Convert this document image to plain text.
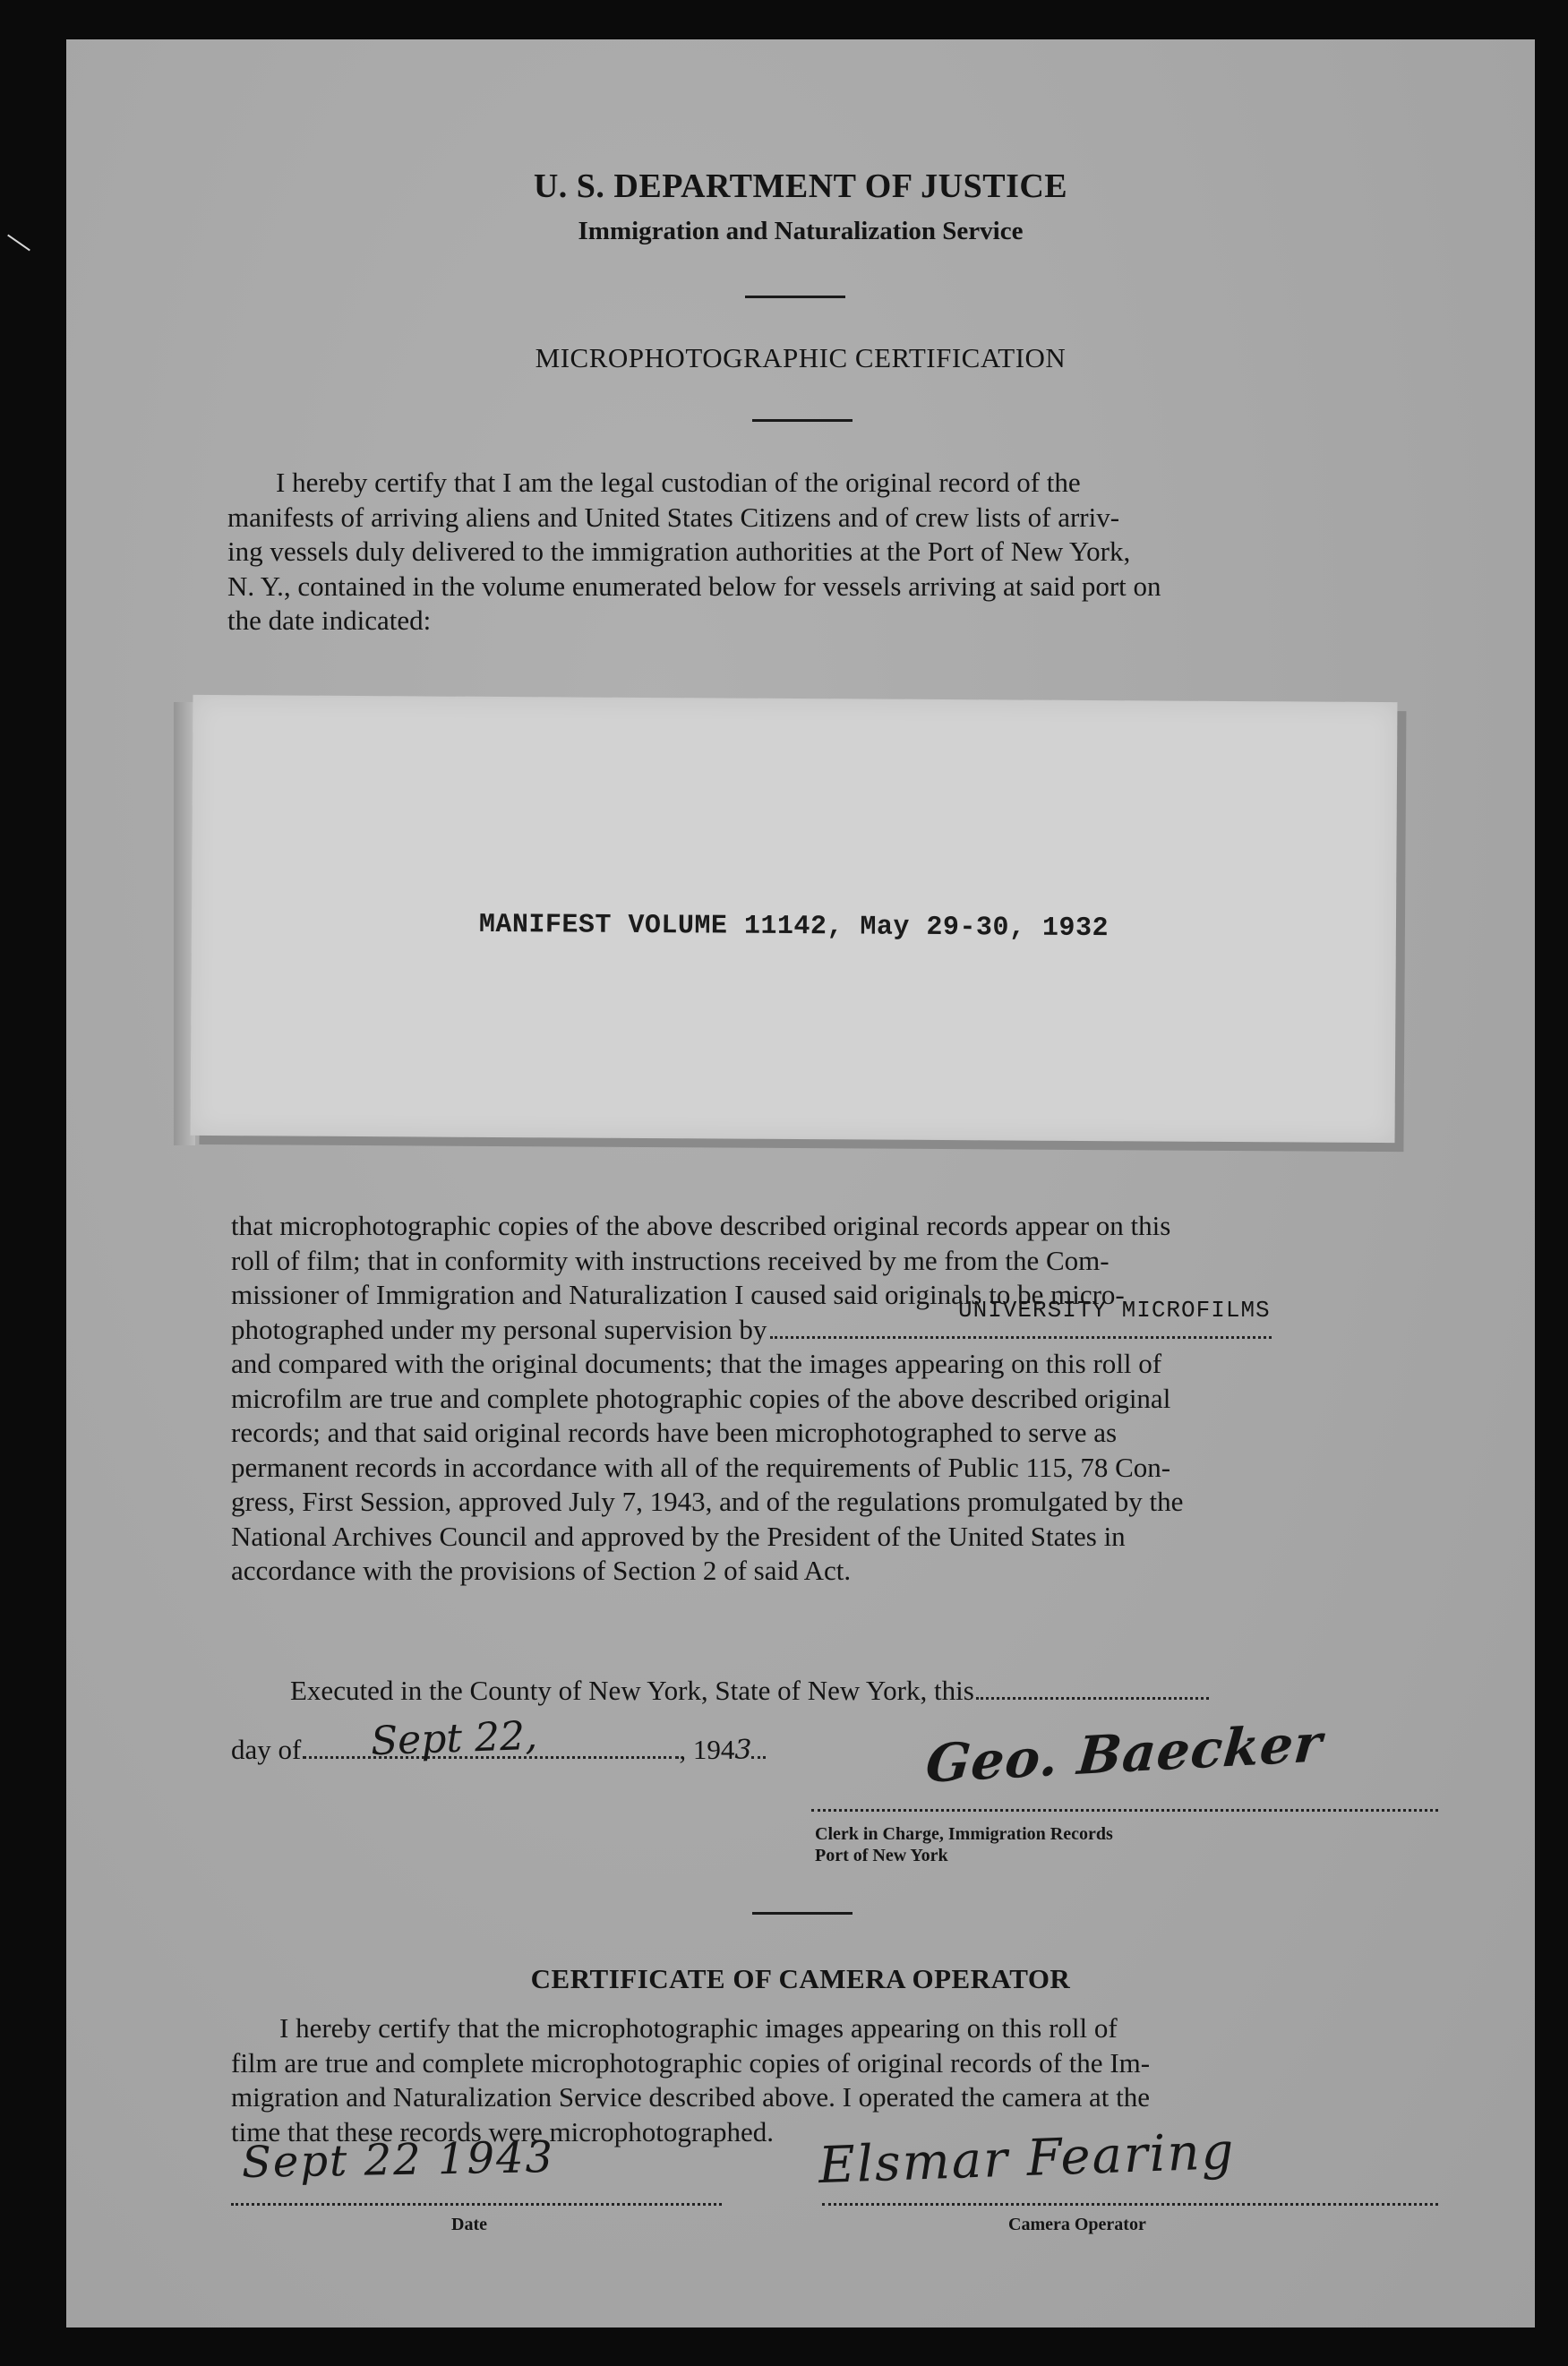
U. S. DEPARTMENT OF JUSTICE
Immigration and Naturalization Service
MICROPHOTOGRAPHIC CERTIFICATION
I hereby certify that I am the legal custodian of the original record of the
manifests of arriving aliens and United States Citizens and of crew lists of arriv-
ing vessels duly delivered to the immigration authorities at the Port of New York,
N. Y., contained in the volume enumerated below for vessels arriving at said port on
the date indicated:
MANIFEST VOLUME 11142, May 29-30, 1932
that microphotographic copies of the above described original records appear on this
roll of film; that in conformity with instructions received by me from the Com-
missioner of Immigration and Naturalization I caused said originals to be micro-
photographed under my personal supervision by
UNIVERSITY MICROFILMS
and compared with the original documents; that the images appearing on this roll of
microfilm are true and complete photographic copies of the above described original
records; and that said original records have been microphotographed to serve as
permanent records in accordance with all of the requirements of Public 115, 78 Con-
gress, First Session, approved July 7, 1943, and of the regulations promulgated by the
National Archives Council and approved by the President of the United States in
accordance with the provisions of Section 2 of said Act.
Executed in the County of New York, State of New York, this
day of	, 1943
Sept 22,	Geo. Baecker
Clerk in Charge, Immigration Records
Port of New York
CERTIFICATE OF CAMERA OPERATOR
I hereby certify that the microphotographic images appearing on this roll of
film are true and complete microphotographic copies of original records of the Im-
migration and Naturalization Service described above. I operated the camera at the
time that these records were microphotographed.
Sept 22 1943
Date
Elsmar Fearing
Camera Operator
